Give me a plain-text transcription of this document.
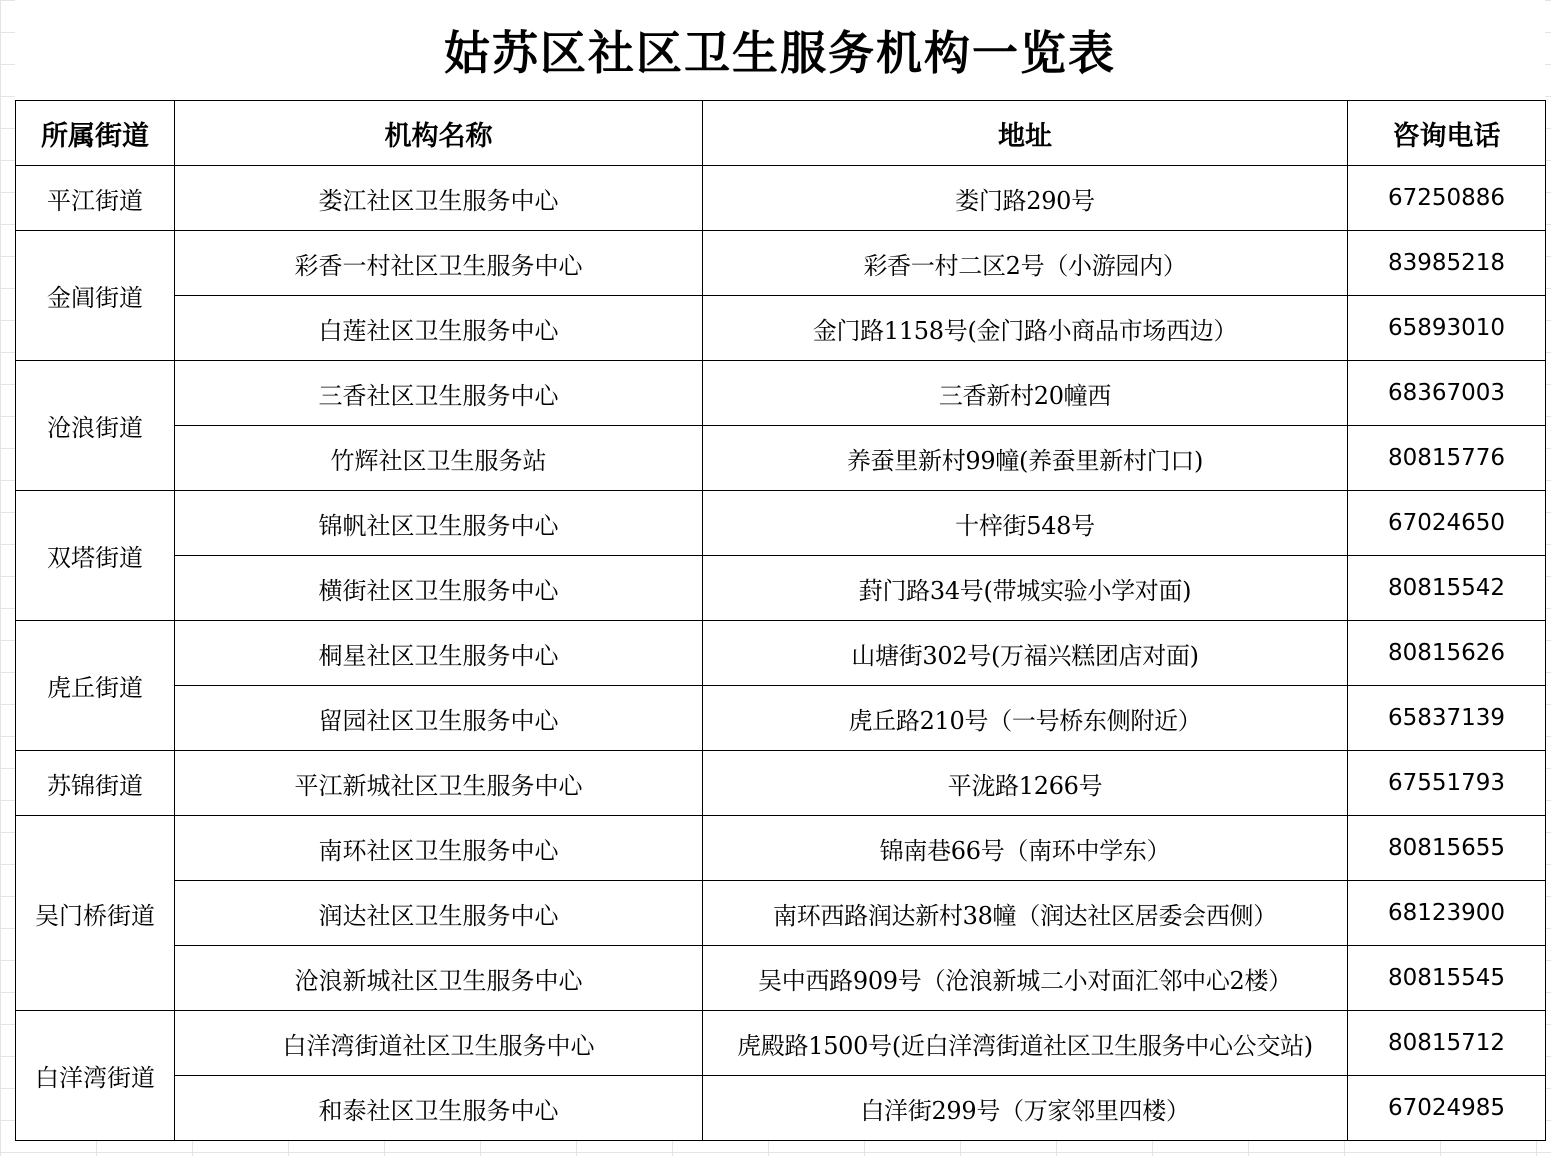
姑苏区社区卫生服务机构一览表
所属街道	机构名称	地址	咨询电话
平江街道	娄江社区卫生服务中心	娄门路290号	67250886
金阊街道	彩香一村社区卫生服务中心	彩香一村二区2号（小游园内）	83985218
	白莲社区卫生服务中心	金门路1158号(金门路小商品市场西边）	65893010
沧浪街道	三香社区卫生服务中心	三香新村20幢西	68367003
	竹辉社区卫生服务站	养蚕里新村99幢(养蚕里新村门口)	80815776
双塔街道	锦帆社区卫生服务中心	十梓街548号	67024650
	横街社区卫生服务中心	葑门路34号(带城实验小学对面)	80815542
虎丘街道	桐星社区卫生服务中心	山塘街302号(万福兴糕团店对面)	80815626
	留园社区卫生服务中心	虎丘路210号（一号桥东侧附近）	65837139
苏锦街道	平江新城社区卫生服务中心	平泷路1266号	67551793
吴门桥街道	南环社区卫生服务中心	锦南巷66号（南环中学东）	80815655
	润达社区卫生服务中心	南环西路润达新村38幢（润达社区居委会西侧）	68123900
	沧浪新城社区卫生服务中心	吴中西路909号（沧浪新城二小对面汇邻中心2楼）	80815545
白洋湾街道	白洋湾街道社区卫生服务中心	虎殿路1500号(近白洋湾街道社区卫生服务中心公交站)	80815712
	和泰社区卫生服务中心	白洋街299号（万家邻里四楼）	67024985
